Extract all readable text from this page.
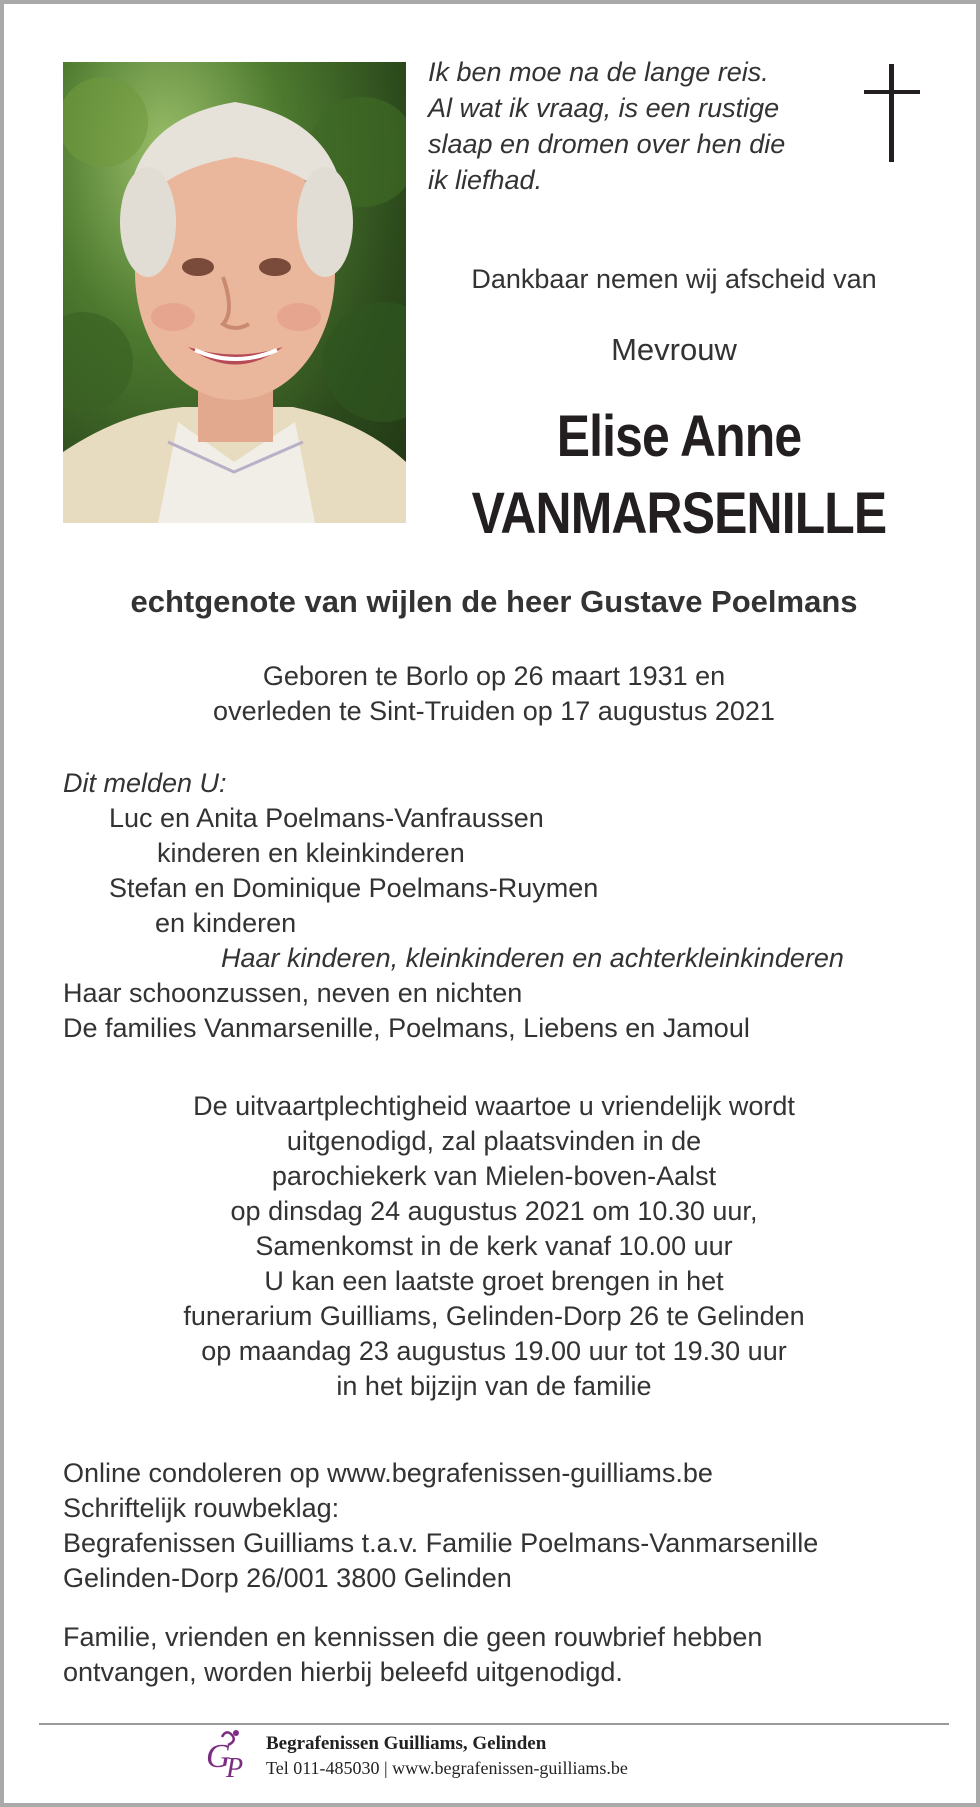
Ik ben moe na de lange reis.
Al wat ik vraag, is een rustige
slaap en dromen over hen die
ik liefhad.
Dankbaar nemen wij afscheid van
Mevrouw
Elise Anne
VANMARSENILLE
echtgenote van wijlen de heer Gustave Poelmans
Geboren te Borlo op 26 maart 1931 en
overleden te Sint-Truiden op 17 augustus 2021
Dit melden U:
Luc en Anita Poelmans-Vanfraussen
kinderen en kleinkinderen
Stefan en Dominique Poelmans-Ruymen
en kinderen
Haar kinderen, kleinkinderen en achterkleinkinderen
Haar schoonzussen, neven en nichten
De families Vanmarsenille, Poelmans, Liebens en Jamoul
De uitvaartplechtigheid waartoe u vriendelijk wordt
uitgenodigd, zal plaatsvinden in de
parochiekerk van Mielen-boven-Aalst
op dinsdag 24 augustus 2021 om 10.30 uur,
Samenkomst in de kerk vanaf 10.00 uur
U kan een laatste groet brengen in het
funerarium Guilliams, Gelinden-Dorp 26 te Gelinden
op maandag 23 augustus 19.00 uur tot 19.30 uur
in het bijzijn van de familie
Online condoleren op www.begrafenissen-guilliams.be
Schriftelijk rouwbeklag:
Begrafenissen Guilliams t.a.v. Familie Poelmans-Vanmarsenille
Gelinden-Dorp 26/001 3800 Gelinden
Familie, vrienden en kennissen die geen rouwbrief hebben
ontvangen, worden hierbij beleefd uitgenodigd.
G
P
Begrafenissen Guilliams, Gelinden
Tel 011-485030 | www.begrafenissen-guilliams.be
